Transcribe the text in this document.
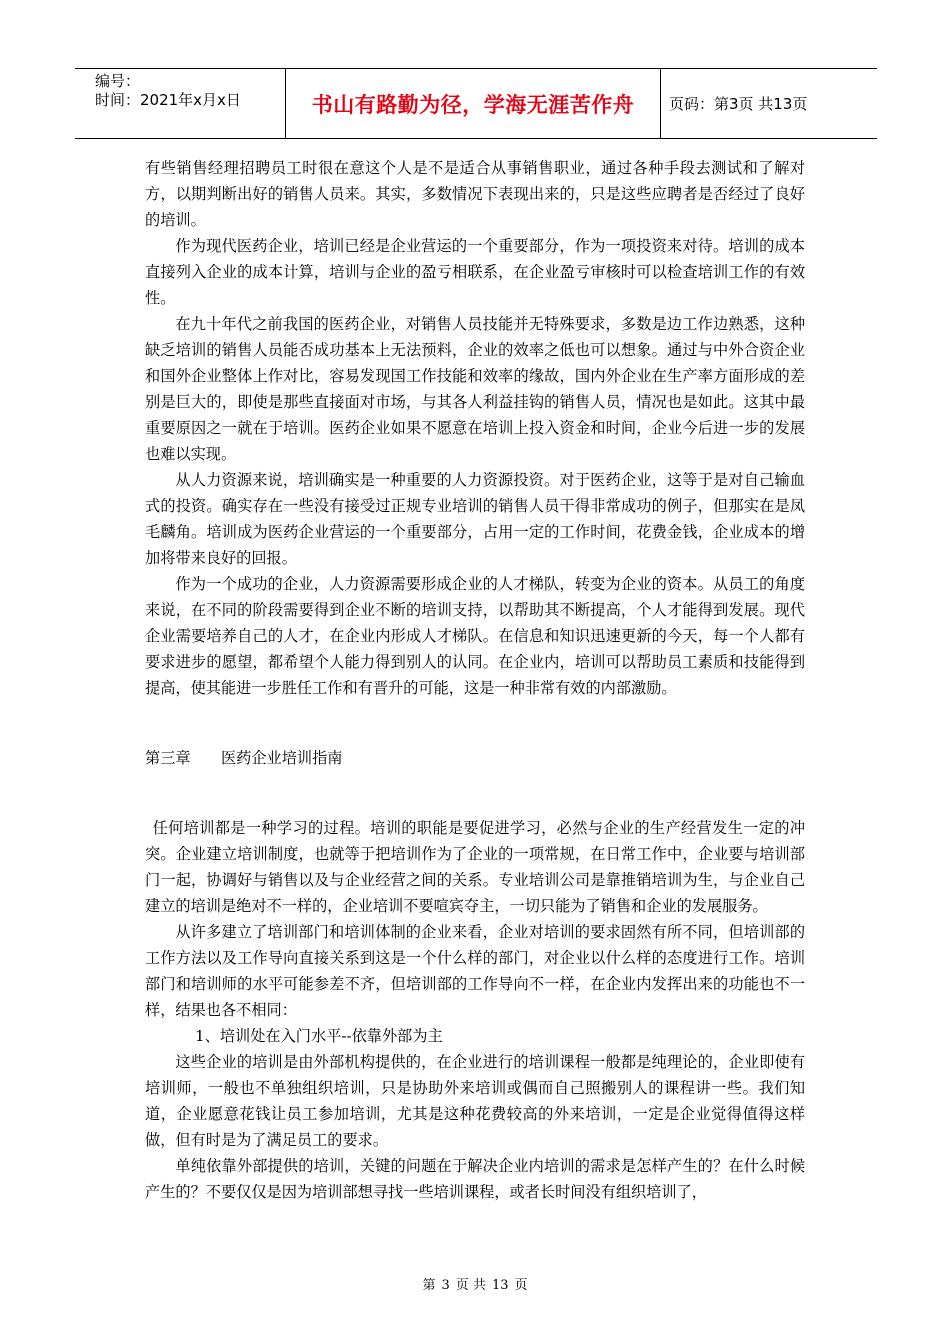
编号：
时间：2021年x月x日	书山有路勤为径，学海无涯苦作舟 页码：第3页 共13页

有些销售经理招聘员工时很在意这个人是不是适合从事销售职业，通过各种手段去测试和了解对方，以期判断出好的销售人员来。其实，多数情况下表现出来的，只是这些应聘者是否经过了良好的培训。

作为现代医药企业，培训已经是企业营运的一个重要部分，作为一项投资来对待。培训的成本直接列入企业的成本计算，培训与企业的盈亏相联系，在企业盈亏审核时可以检查培训工作的有效性。

在九十年代之前我国的医药企业，对销售人员技能并无特殊要求，多数是边工作边熟悉，这种缺乏培训的销售人员能否成功基本上无法预料，企业的效率之低也可以想象。通过与中外合资企业和国外企业整体上作对比，容易发现国工作技能和效率的缘故，国内外企业在生产率方面形成的差别是巨大的，即使是那些直接面对市场，与其各人利益挂钩的销售人员，情况也是如此。这其中最重要原因之一就在于培训。医药企业如果不愿意在培训上投入资金和时间，企业今后进一步的发展也难以实现。

从人力资源来说，培训确实是一种重要的人力资源投资。对于医药企业，这等于是对自己输血式的投资。确实存在一些没有接受过正规专业培训的销售人员干得非常成功的例子，但那实在是凤毛麟角。培训成为医药企业营运的一个重要部分，占用一定的工作时间，花费金钱，企业成本的增加将带来良好的回报。

作为一个成功的企业，人力资源需要形成企业的人才梯队，转变为企业的资本。从员工的角度来说，在不同的阶段需要得到企业不断的培训支持，以帮助其不断提高，个人才能得到发展。现代企业需要培养自己的人才，在企业内形成人才梯队。在信息和知识迅速更新的今天，每一个人都有要求进步的愿望，都希望个人能力得到别人的认同。在企业内，培训可以帮助员工素质和技能得到提高，使其能进一步胜任工作和有晋升的可能，这是一种非常有效的内部激励。

第三章　　医药企业培训指南

任何培训都是一种学习的过程。培训的职能是要促进学习，必然与企业的生产经营发生一定的冲突。企业建立培训制度，也就等于把培训作为了企业的一项常规，在日常工作中，企业要与培训部门一起，协调好与销售以及与企业经营之间的关系。专业培训公司是靠推销培训为生，与企业自己建立的培训是绝对不一样的，企业培训不要喧宾夺主，一切只能为了销售和企业的发展服务。

从许多建立了培训部门和培训体制的企业来看，企业对培训的要求固然有所不同，但培训部的工作方法以及工作导向直接关系到这是一个什么样的部门，对企业以什么样的态度进行工作。培训部门和培训师的水平可能参差不齐，但培训部的工作导向不一样，在企业内发挥出来的功能也不一样，结果也各不相同：

1、培训处在入门水平--依靠外部为主

这些企业的培训是由外部机构提供的，在企业进行的培训课程一般都是纯理论的，企业即使有培训师，一般也不单独组织培训，只是协助外来培训或偶而自己照搬别人的课程讲一些。我们知道，企业愿意花钱让员工参加培训，尤其是这种花费较高的外来培训，一定是企业觉得值得这样做，但有时是为了满足员工的要求。

单纯依靠外部提供的培训，关键的问题在于解决企业内培训的需求是怎样产生的？在什么时候产生的？不要仅仅是因为培训部想寻找一些培训课程，或者长时间没有组织培训了，

第 3 页 共 13 页
